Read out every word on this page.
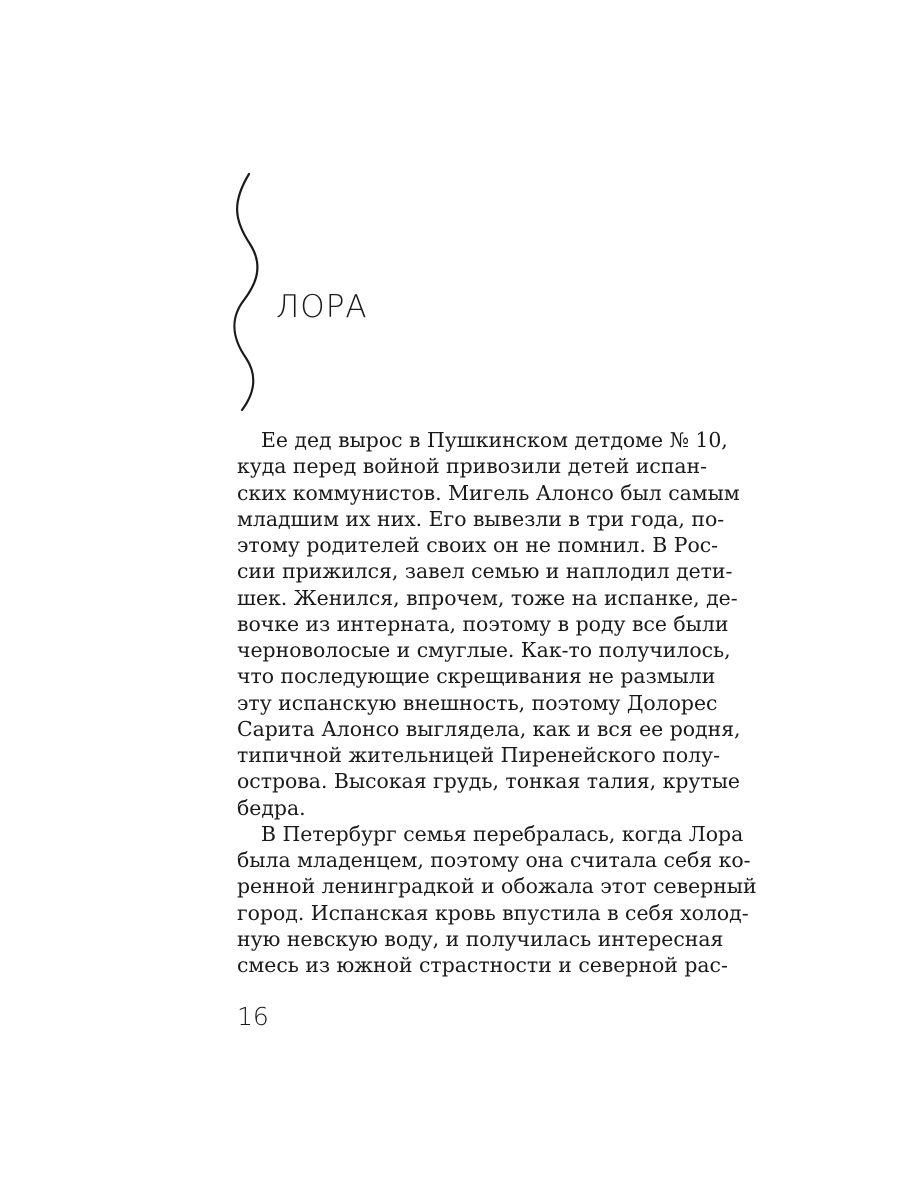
ЛОРА

Ее дед вырос в Пушкинском детдоме № 10,
куда перед войной привозили детей испан-
ских коммунистов. Мигель Алонсо был самым
младшим их них. Его вывезли в три года, по-
этому родителей своих он не помнил. В Рос-
сии прижился, завел семью и наплодил дети-
шек. Женился, впрочем, тоже на испанке, де-
вочке из интерната, поэтому в роду все были
черноволосые и смуглые. Как-то получилось,
что последующие скрещивания не размыли
эту испанскую внешность, поэтому Долорес
Сарита Алонсо выглядела, как и вся ее родня,
типичной жительницей Пиренейского полу-
острова. Высокая грудь, тонкая талия, крутые
бедра.

В Петербург семья перебралась, когда Лора
была младенцем, поэтому она считала себя ко-
ренной ленинградкой и обожала этот северный
город. Испанская кровь впустила в себя холод-
ную невскую воду, и получилась интересная
смесь из южной страстности и северной рас-

16
